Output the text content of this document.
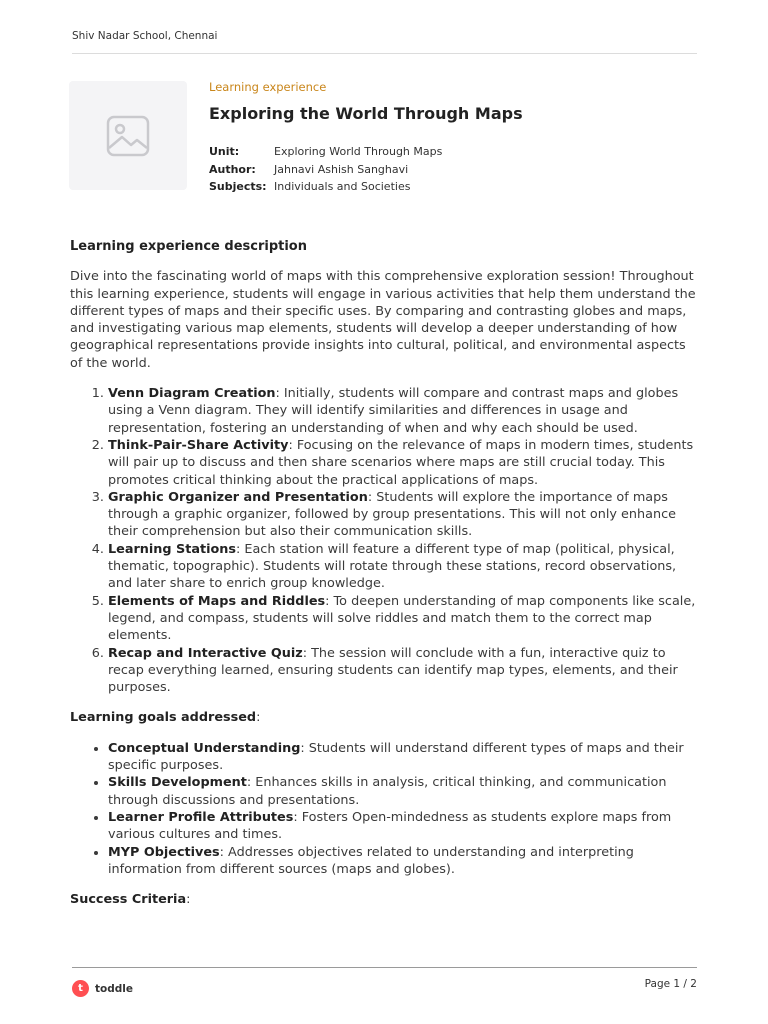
Shiv Nadar School, Chennai
Learning experience
Exploring the World Through Maps
Unit:	Exploring World Through Maps
Author:	Jahnavi Ashish Sanghavi
Subjects: Individuals and Societies
Learning experience description

Dive into the fascinating world of maps with this comprehensive exploration session! Throughout this learning experience, students will engage in various activities that help them understand the different types of maps and their specific uses. By comparing and contrasting globes and maps, and investigating various map elements, students will develop a deeper understanding of how geographical representations provide insights into cultural, political, and environmental aspects of the world.

1. Venn Diagram Creation: Initially, students will compare and contrast maps and globes using a Venn diagram. They will identify similarities and differences in usage and representation, fostering an understanding of when and why each should be used.
2. Think-Pair-Share Activity: Focusing on the relevance of maps in modern times, students will pair up to discuss and then share scenarios where maps are still crucial today. This promotes critical thinking about the practical applications of maps.
3. Graphic Organizer and Presentation: Students will explore the importance of maps through a graphic organizer, followed by group presentations. This will not only enhance their comprehension but also their communication skills.
4. Learning Stations: Each station will feature a different type of map (political, physical, thematic, topographic). Students will rotate through these stations, record observations, and later share to enrich group knowledge.
5. Elements of Maps and Riddles: To deepen understanding of map components like scale, legend, and compass, students will solve riddles and match them to the correct map elements.
6. Recap and Interactive Quiz: The session will conclude with a fun, interactive quiz to recap everything learned, ensuring students can identify map types, elements, and their purposes.

Learning goals addressed:

• Conceptual Understanding: Students will understand different types of maps and their specific purposes.
• Skills Development: Enhances skills in analysis, critical thinking, and communication through discussions and presentations.
• Learner Profile Attributes: Fosters Open-mindedness as students explore maps from various cultures and times.
• MYP Objectives: Addresses objectives related to understanding and interpreting information from different sources (maps and globes).

Success Criteria:

t	toddle	Page 1 / 2
